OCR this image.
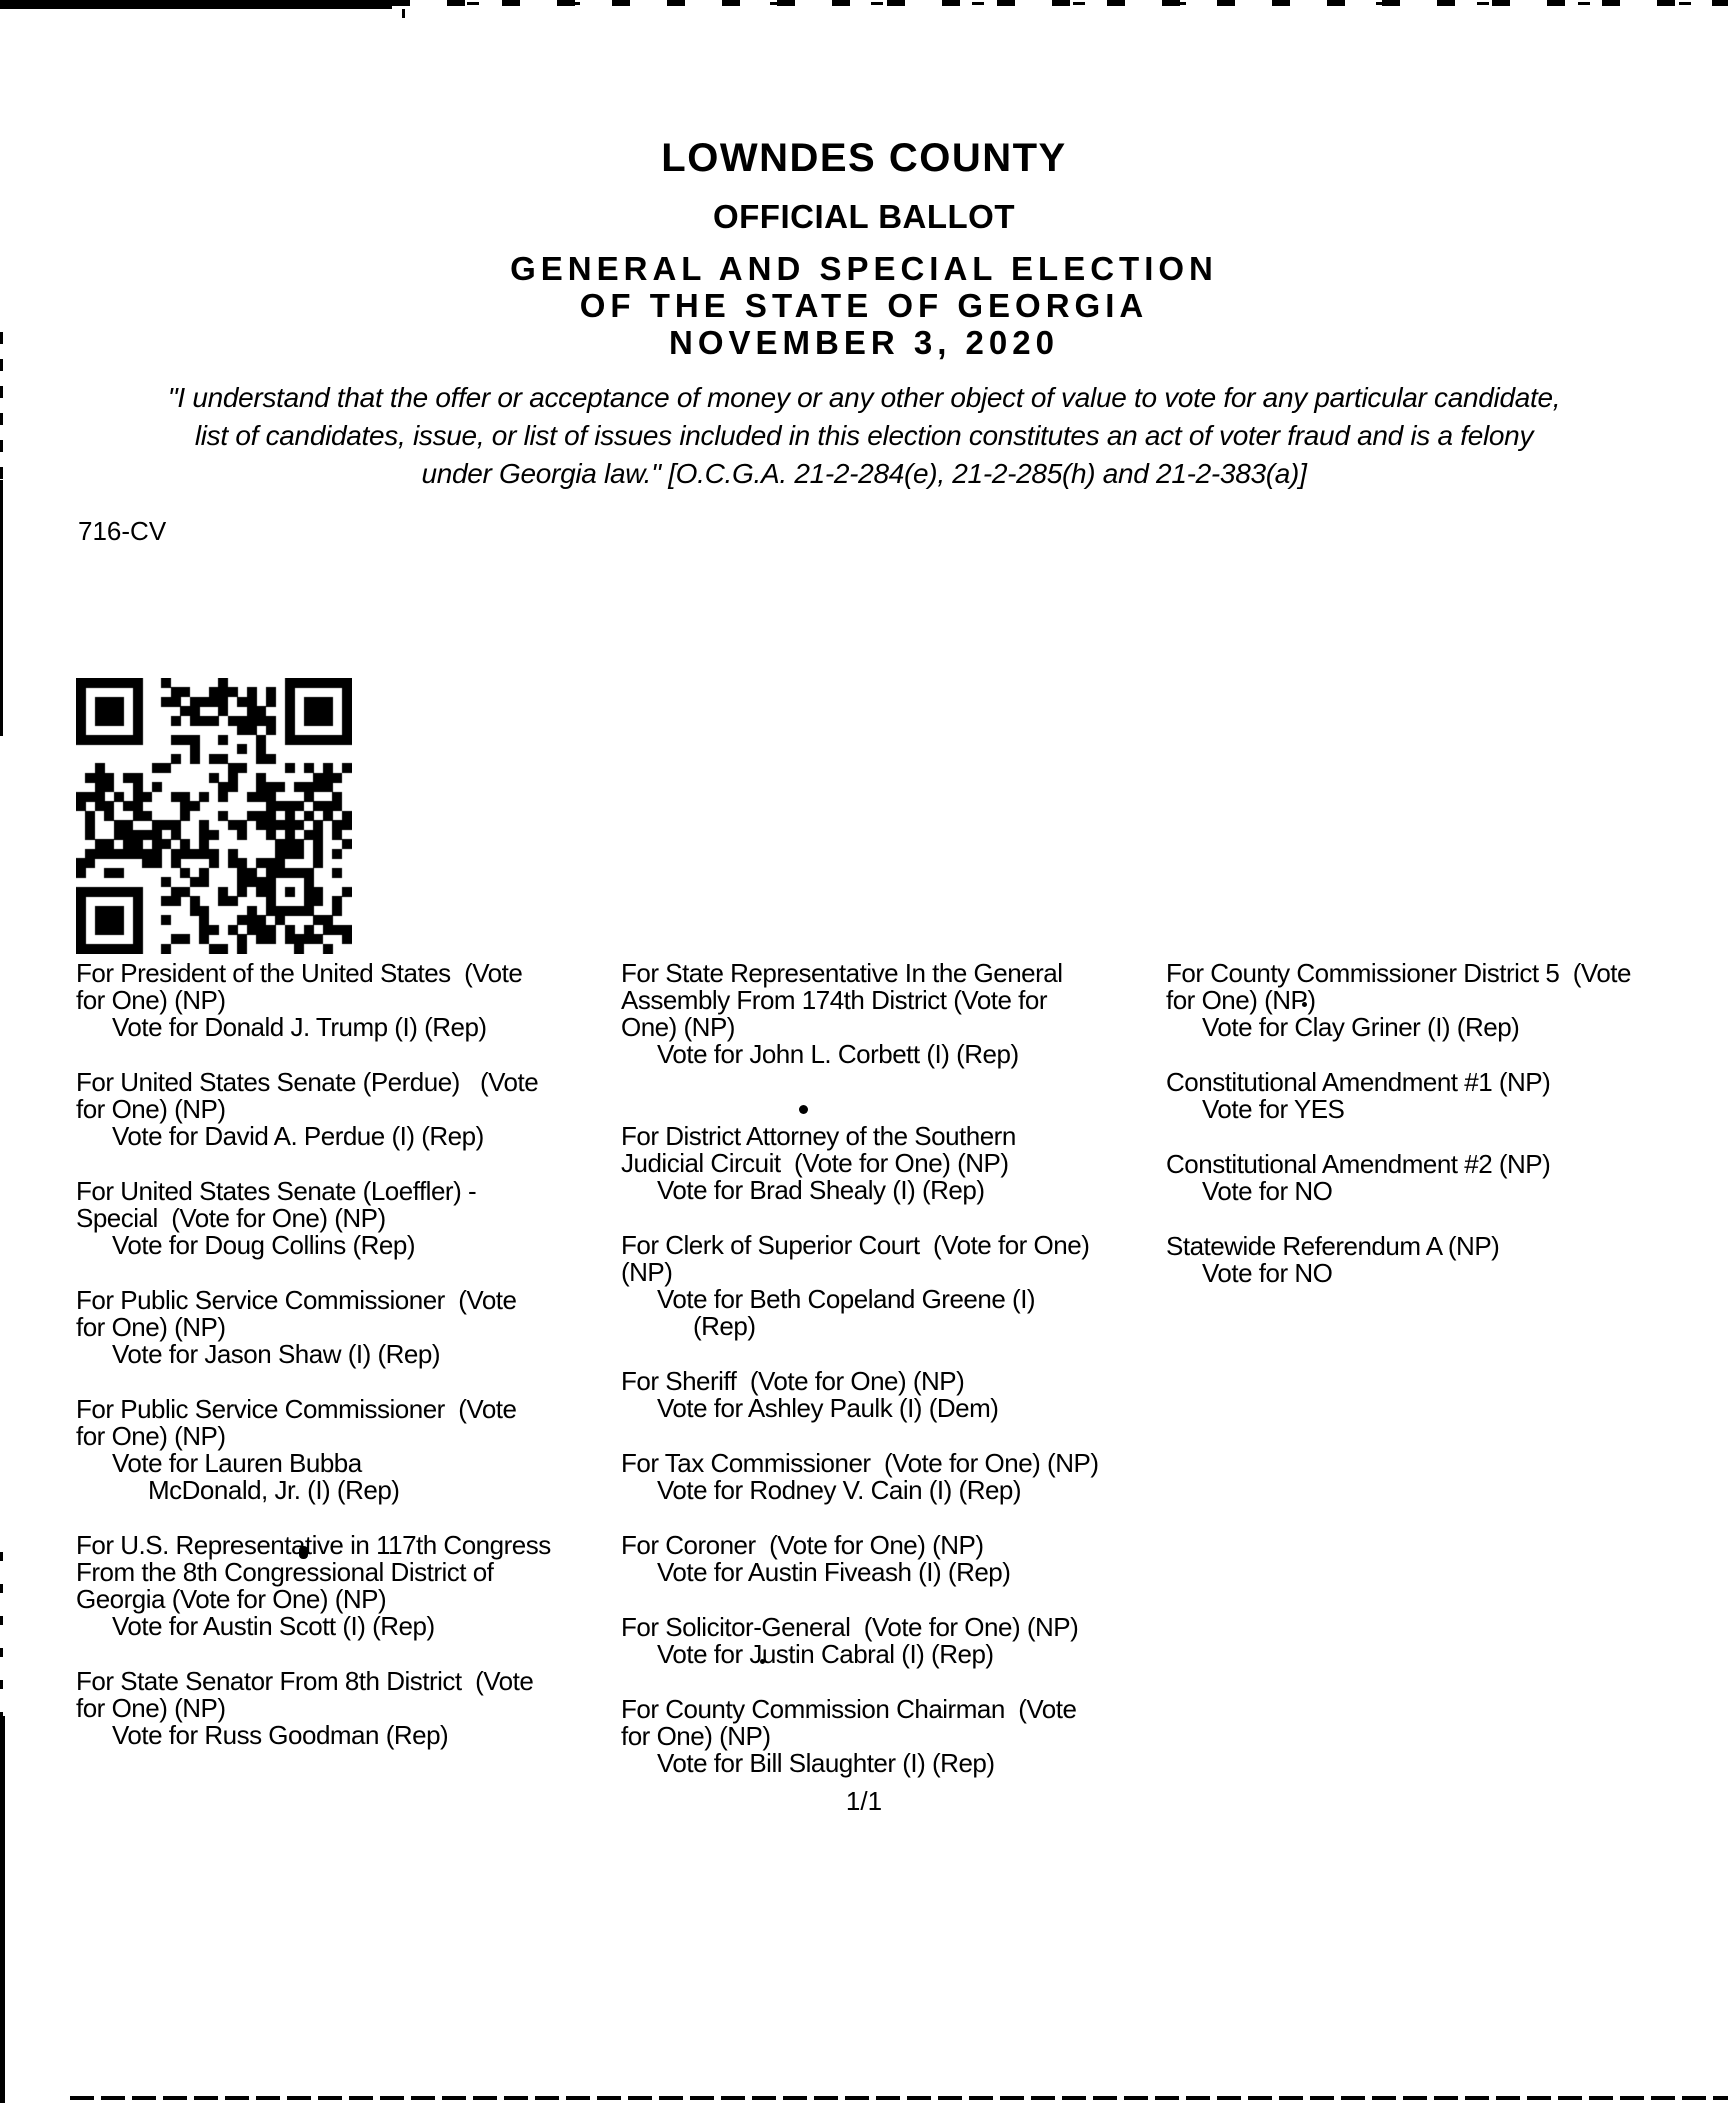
LOWNDES COUNTY
OFFICIAL BALLOT
GENERAL AND SPECIAL ELECTION
OF THE STATE OF GEORGIA
NOVEMBER 3, 2020
"I understand that the offer or acceptance of money or any other object of value to vote for any particular candidate,
list of candidates, issue, or list of issues included in this election constitutes an act of voter fraud and is a felony
under Georgia law." [O.C.G.A. 21-2-284(e), 21-2-285(h) and 21-2-383(a)]
716-CV
For President of the United States  (Vote
for One) (NP)
Vote for Donald J. Trump (I) (Rep)
For United States Senate (Perdue)   (Vote
for One) (NP)
Vote for David A. Perdue (I) (Rep)
For United States Senate (Loeffler) -
Special  (Vote for One) (NP)
Vote for Doug Collins (Rep)
For Public Service Commissioner  (Vote
for One) (NP)
Vote for Jason Shaw (I) (Rep)
For Public Service Commissioner  (Vote
for One) (NP)
Vote for Lauren Bubba
McDonald, Jr. (I) (Rep)
For U.S. Representative in 117th Congress
From the 8th Congressional District of
Georgia (Vote for One) (NP)
Vote for Austin Scott (I) (Rep)
For State Senator From 8th District  (Vote
for One) (NP)
Vote for Russ Goodman (Rep)
For State Representative In the General
Assembly From 174th District (Vote for
One) (NP)
Vote for John L. Corbett (I) (Rep)
For District Attorney of the Southern
Judicial Circuit  (Vote for One) (NP)
Vote for Brad Shealy (I) (Rep)
For Clerk of Superior Court  (Vote for One)
(NP)
Vote for Beth Copeland Greene (I)
(Rep)
For Sheriff  (Vote for One) (NP)
Vote for Ashley Paulk (I) (Dem)
For Tax Commissioner  (Vote for One) (NP)
Vote for Rodney V. Cain (I) (Rep)
For Coroner  (Vote for One) (NP)
Vote for Austin Fiveash (I) (Rep)
For Solicitor-General  (Vote for One) (NP)
Vote for Justin Cabral (I) (Rep)
For County Commission Chairman  (Vote
for One) (NP)
Vote for Bill Slaughter (I) (Rep)
For County Commissioner District 5  (Vote
for One) (NP)
Vote for Clay Griner (I) (Rep)
Constitutional Amendment #1 (NP)
Vote for YES
Constitutional Amendment #2 (NP)
Vote for NO
Statewide Referendum A (NP)
Vote for NO
1/1
